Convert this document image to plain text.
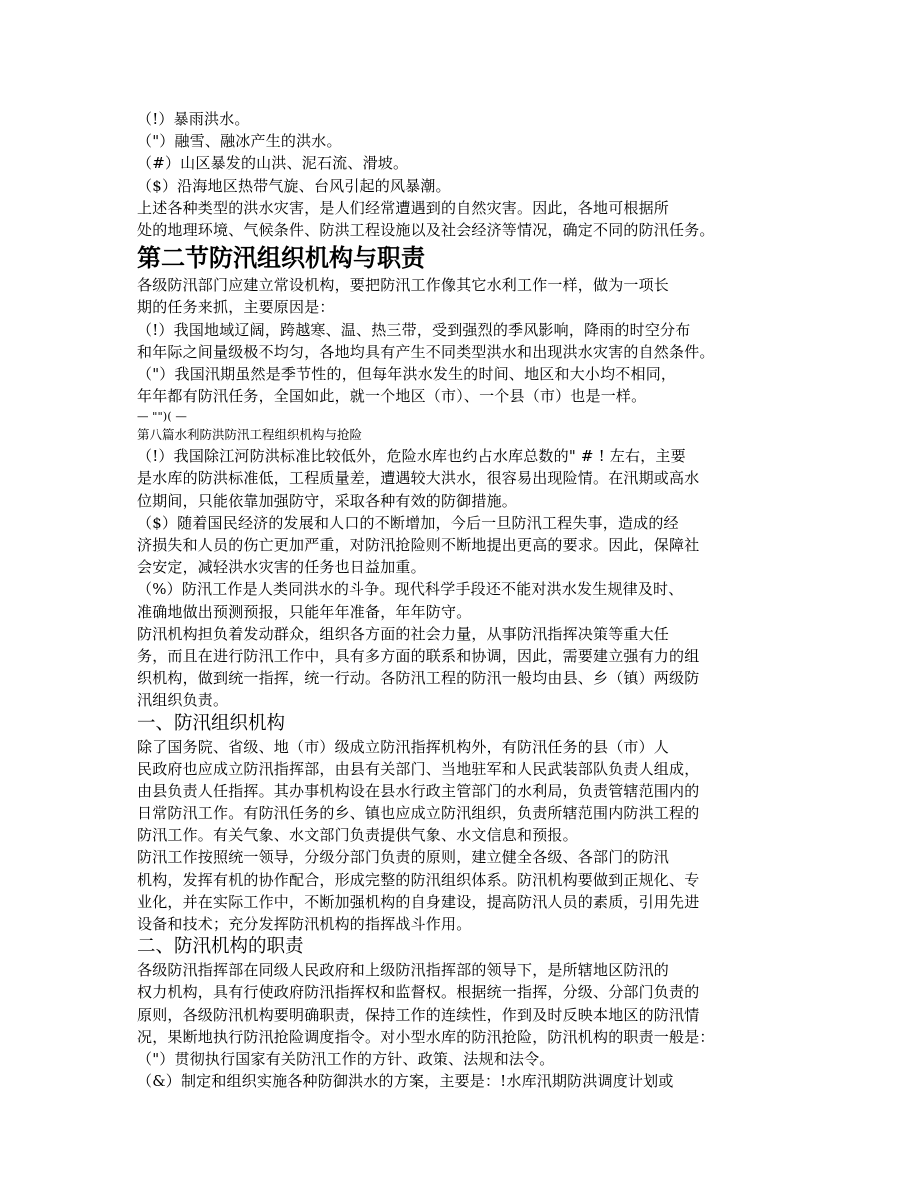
（!）暴雨洪水。
（"）融雪、融冰产生的洪水。
（#）山区暴发的山洪、泥石流、滑坡。
（$）沿海地区热带气旋、台风引起的风暴潮。
上述各种类型的洪水灾害，是人们经常遭遇到的自然灾害。因此，各地可根据所
处的地理环境、气候条件、防洪工程设施以及社会经济等情况，确定不同的防汛任务。
第二节防汛组织机构与职责
各级防汛部门应建立常设机构，要把防汛工作像其它水利工作一样，做为一项长
期的任务来抓，主要原因是：
（!）我国地域辽阔，跨越寒、温、热三带，受到强烈的季风影响，降雨的时空分布
和年际之间量级极不均匀，各地均具有产生不同类型洪水和出现洪水灾害的自然条件。
（"）我国汛期虽然是季节性的，但每年洪水发生的时间、地区和大小均不相同，
年年都有防汛任务，全国如此，就一个地区（市）、一个县（市）也是一样。
— "")( —
第八篇水利防洪防汛工程组织机构与抢险
（!）我国除江河防洪标准比较低外，危险水库也约占水库总数的" # ! 左右，主要
是水库的防洪标准低，工程质量差，遭遇较大洪水，很容易出现险情。在汛期或高水
位期间，只能依靠加强防守，采取各种有效的防御措施。
（$）随着国民经济的发展和人口的不断增加，今后一旦防汛工程失事，造成的经
济损失和人员的伤亡更加严重，对防汛抢险则不断地提出更高的要求。因此，保障社
会安定，减轻洪水灾害的任务也日益加重。
（%）防汛工作是人类同洪水的斗争。现代科学手段还不能对洪水发生规律及时、
准确地做出预测预报，只能年年准备，年年防守。
防汛机构担负着发动群众，组织各方面的社会力量，从事防汛指挥决策等重大任
务，而且在进行防汛工作中，具有多方面的联系和协调，因此，需要建立强有力的组
织机构，做到统一指挥，统一行动。各防汛工程的防汛一般均由县、乡（镇）两级防
汛组织负责。
一、防汛组织机构
除了国务院、省级、地（市）级成立防汛指挥机构外，有防汛任务的县（市）人
民政府也应成立防汛指挥部，由县有关部门、当地驻军和人民武装部队负责人组成，
由县负责人任指挥。其办事机构设在县水行政主管部门的水利局，负责管辖范围内的
日常防汛工作。有防汛任务的乡、镇也应成立防汛组织，负责所辖范围内防洪工程的
防汛工作。有关气象、水文部门负责提供气象、水文信息和预报。
防汛工作按照统一领导，分级分部门负责的原则，建立健全各级、各部门的防汛
机构，发挥有机的协作配合，形成完整的防汛组织体系。防汛机构要做到正规化、专
业化，并在实际工作中，不断加强机构的自身建设，提高防汛人员的素质，引用先进
设备和技术；充分发挥防汛机构的指挥战斗作用。
二、防汛机构的职责
各级防汛指挥部在同级人民政府和上级防汛指挥部的领导下，是所辖地区防汛的
权力机构，具有行使政府防汛指挥权和监督权。根据统一指挥，分级、分部门负责的
原则，各级防汛机构要明确职责，保持工作的连续性，作到及时反映本地区的防汛情
况，果断地执行防汛抢险调度指令。对小型水库的防汛抢险，防汛机构的职责一般是：
（"）贯彻执行国家有关防汛工作的方针、政策、法规和法令。
（&）制定和组织实施各种防御洪水的方案，主要是：!水库汛期防洪调度计划或
